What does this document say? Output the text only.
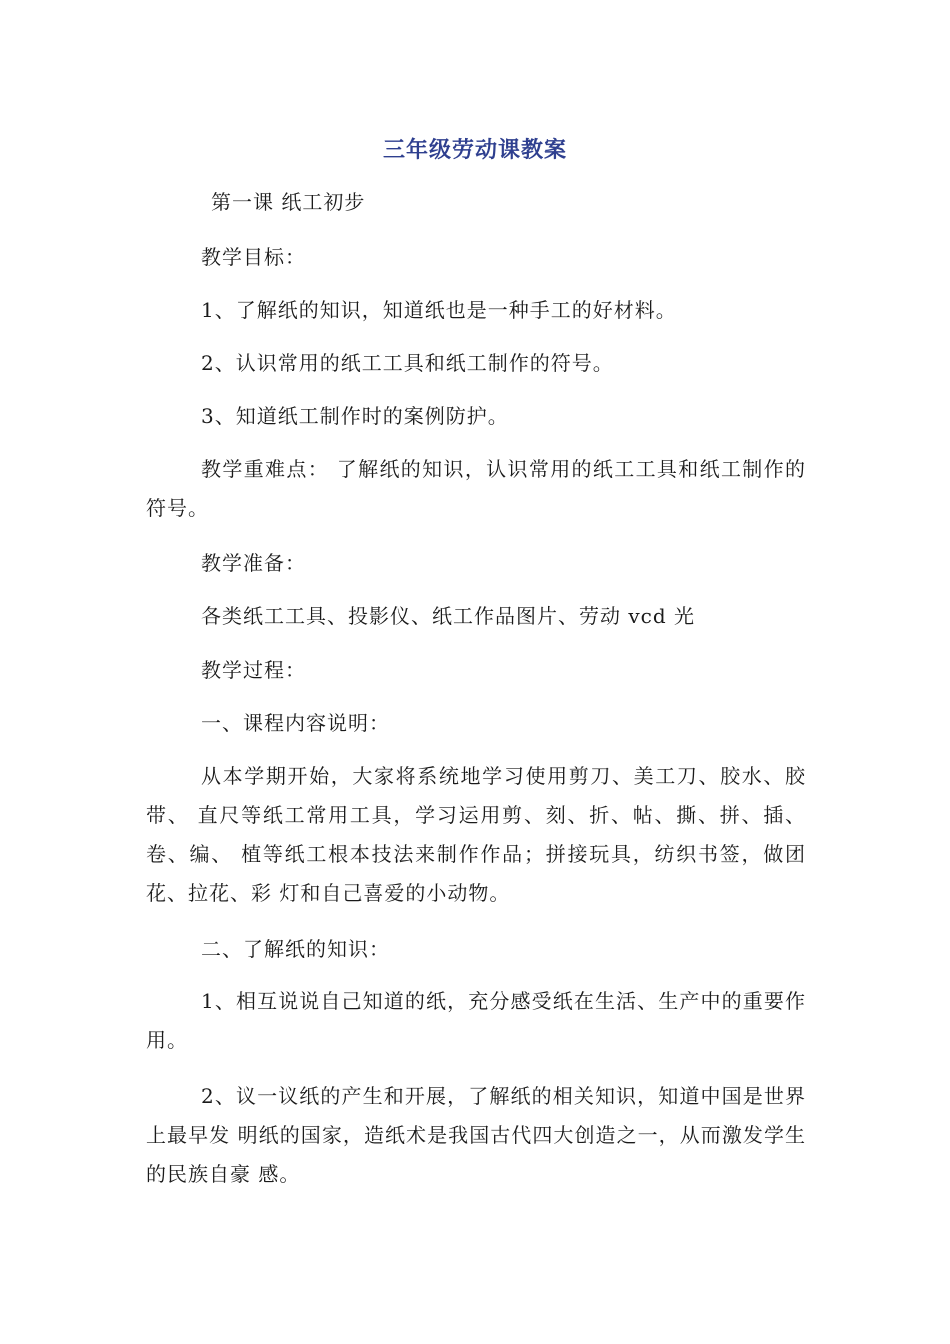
三年级劳动课教案
第一课 纸工初步
教学目标：
1、了解纸的知识，知道纸也是一种手工的好材料。
2、认识常用的纸工工具和纸工制作的符号。
3、知道纸工制作时的案例防护。
教学重难点： 了解纸的知识，认识常用的纸工工具和纸工制作的符号。
教学准备：
各类纸工工具、投影仪、纸工作品图片、劳动 vcd 光
教学过程：
一、课程内容说明：
从本学期开始，大家将系统地学习使用剪刀、美工刀、胶水、胶带、 直尺等纸工常用工具，学习运用剪、刻、折、帖、撕、拼、插、卷、编、 植等纸工根本技法来制作作品；拼接玩具，纺织书签，做团花、拉花、彩 灯和自己喜爱的小动物。
二、了解纸的知识：
1、相互说说自己知道的纸，充分感受纸在生活、生产中的重要作用。
2、议一议纸的产生和开展，了解纸的相关知识，知道中国是世界上最早发 明纸的国家，造纸术是我国古代四大创造之一，从而激发学生的民族自豪 感。
